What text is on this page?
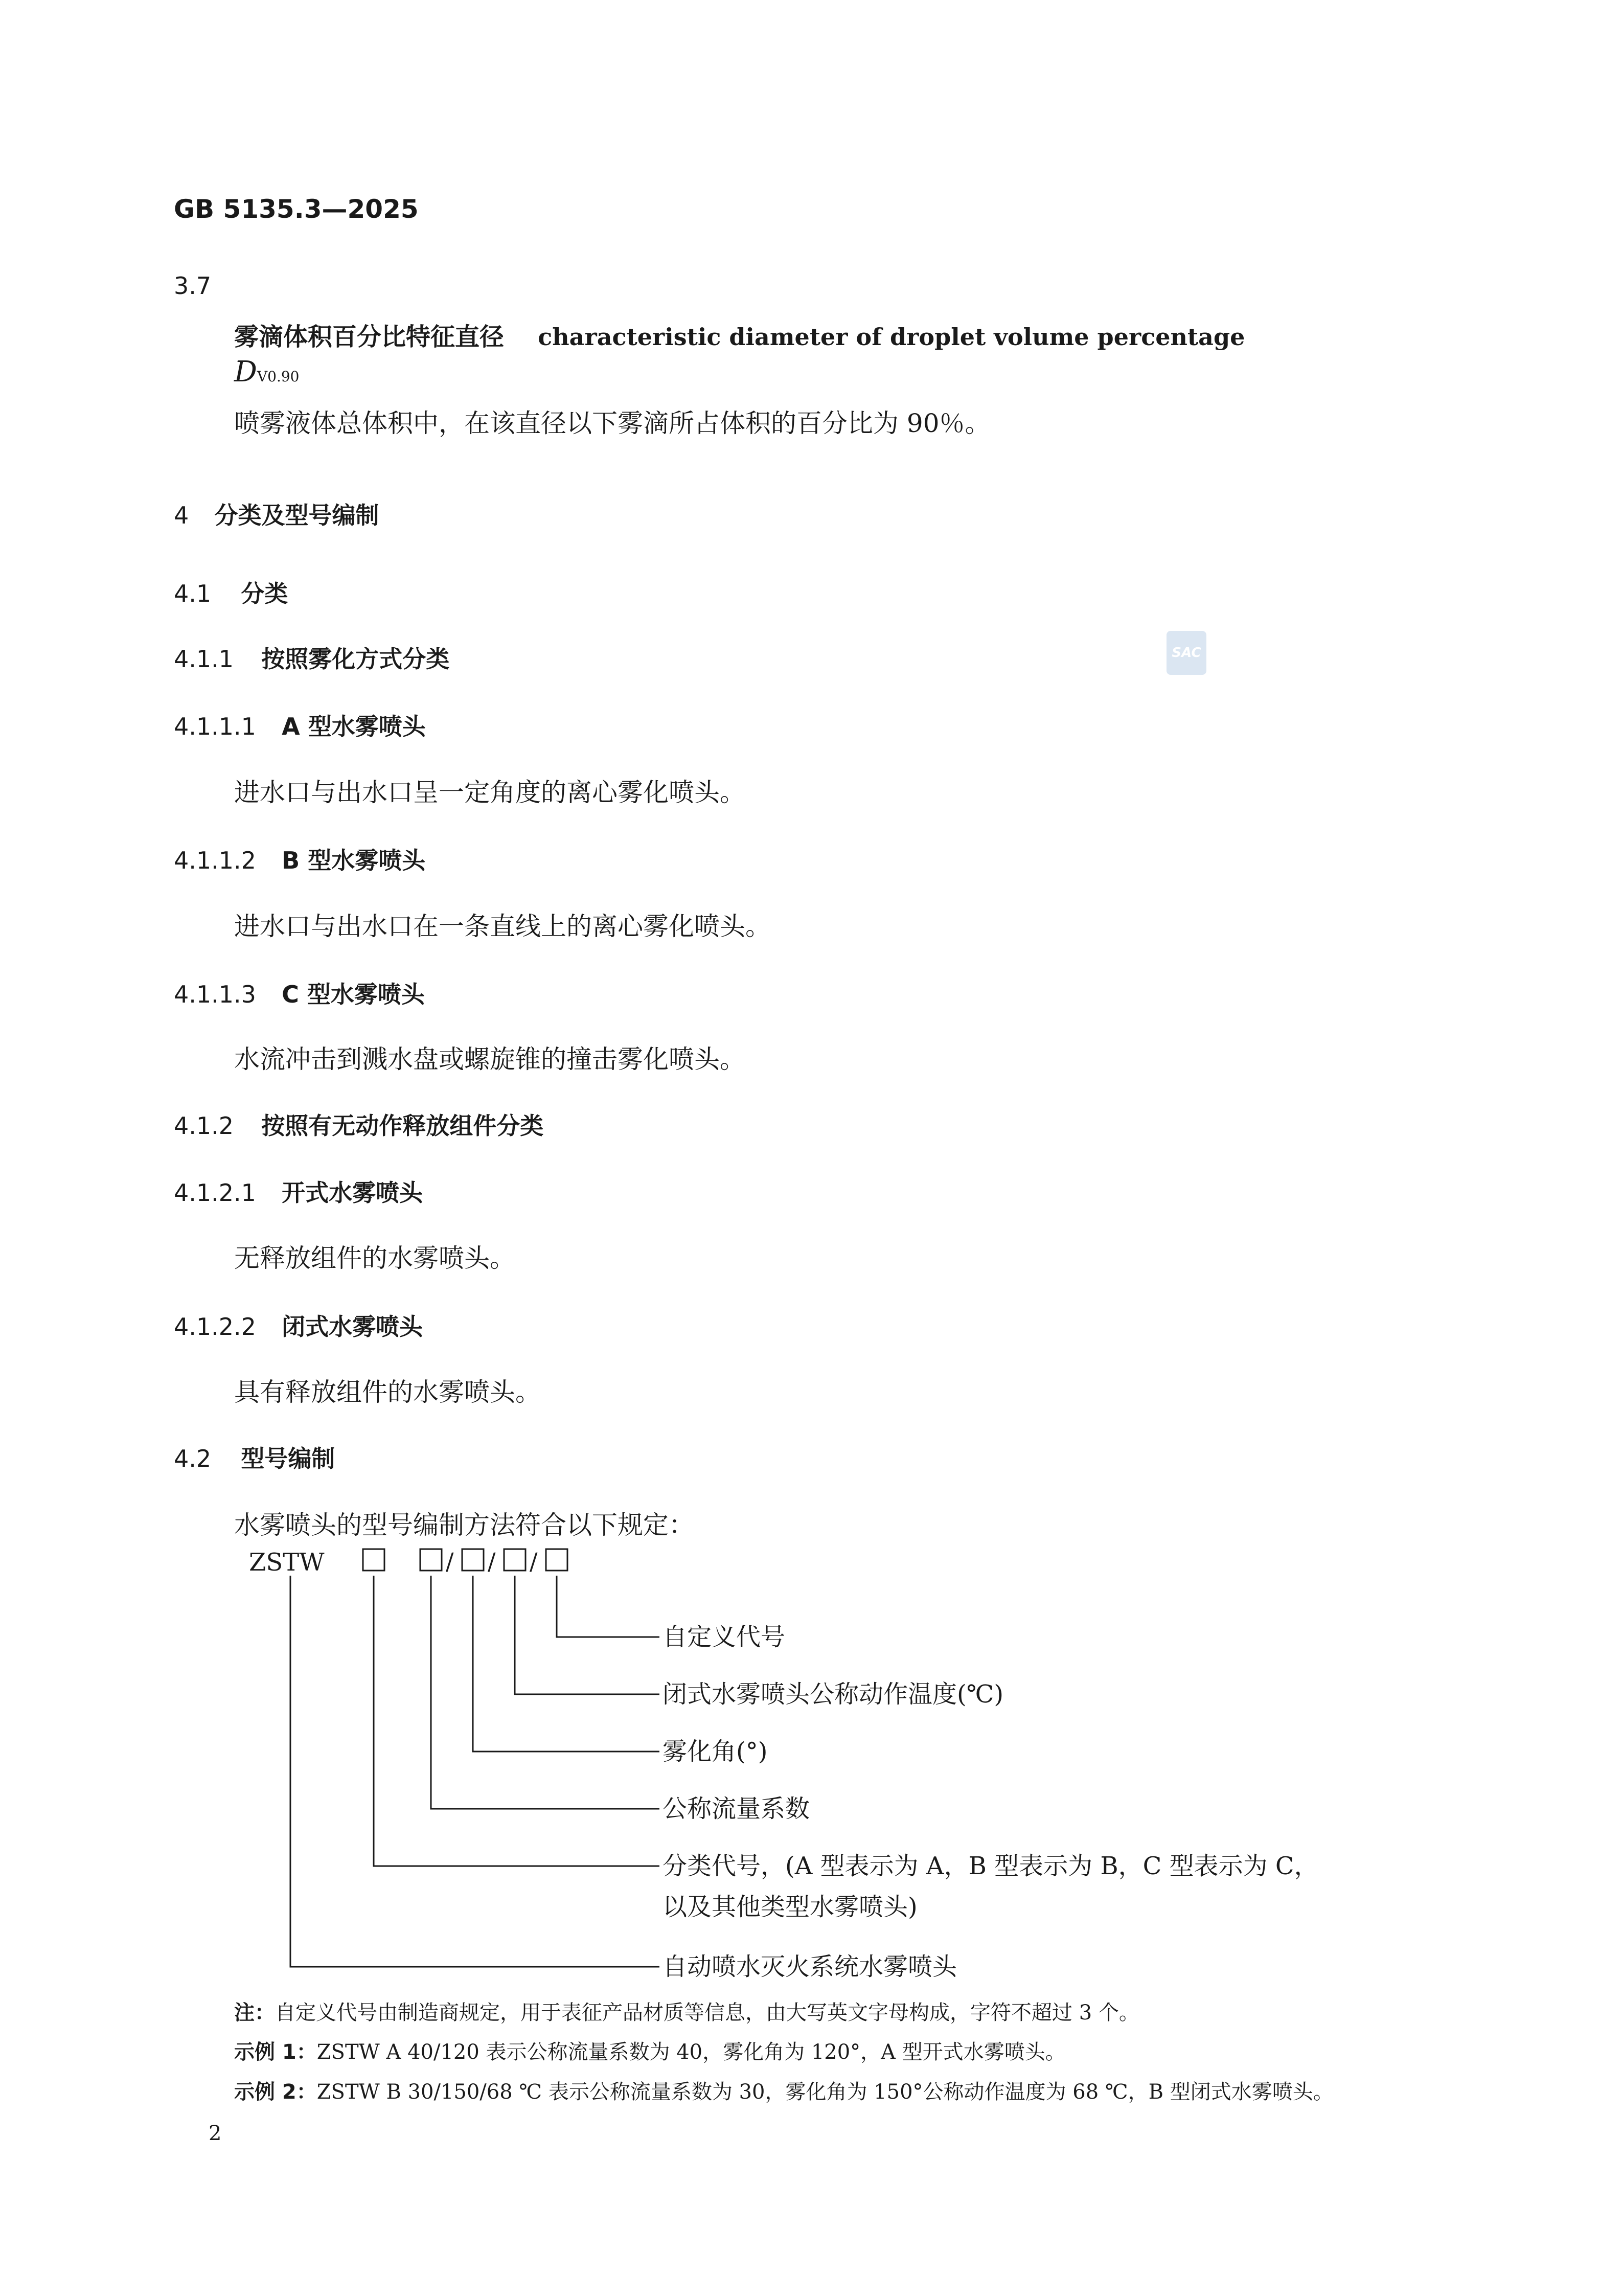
GB 5135.3—2025
3.7
雾滴体积百分比特征直径 characteristic diameter of droplet volume percentage
DV0.90
喷雾液体总体积中，在该直径以下雾滴所占体积的百分比为 90％。
4 分类及型号编制
4.1 分类
4.1.1 按照雾化方式分类	SAC
4.1.1.1 A 型水雾喷头
进水口与出水口呈一定角度的离心雾化喷头。
4.1.1.2 B 型水雾喷头
进水口与出水口在一条直线上的离心雾化喷头。
4.1.1.3 C 型水雾喷头
水流冲击到溅水盘或螺旋锥的撞击雾化喷头。
4.1.2 按照有无动作释放组件分类
4.1.2.1 开式水雾喷头
无释放组件的水雾喷头。
4.1.2.2 闭式水雾喷头
具有释放组件的水雾喷头。
4.2 型号编制
水雾喷头的型号编制方法符合以下规定：
ZSTW	/ / /
自定义代号
闭式水雾喷头公称动作温度(℃)
雾化角(°)
公称流量系数
分类代号，(A 型表示为 A，B 型表示为 B，C 型表示为 C，
以及其他类型水雾喷头)
自动喷水灭火系统水雾喷头
注：自定义代号由制造商规定，用于表征产品材质等信息，由大写英文字母构成，字符不超过 3 个。
示例 1：ZSTW A 40/120 表示公称流量系数为 40，雾化角为 120°，A 型开式水雾喷头。
示例 2：ZSTW B 30/150/68 ℃ 表示公称流量系数为 30，雾化角为 150°公称动作温度为 68 ℃，B 型闭式水雾喷头。
2
